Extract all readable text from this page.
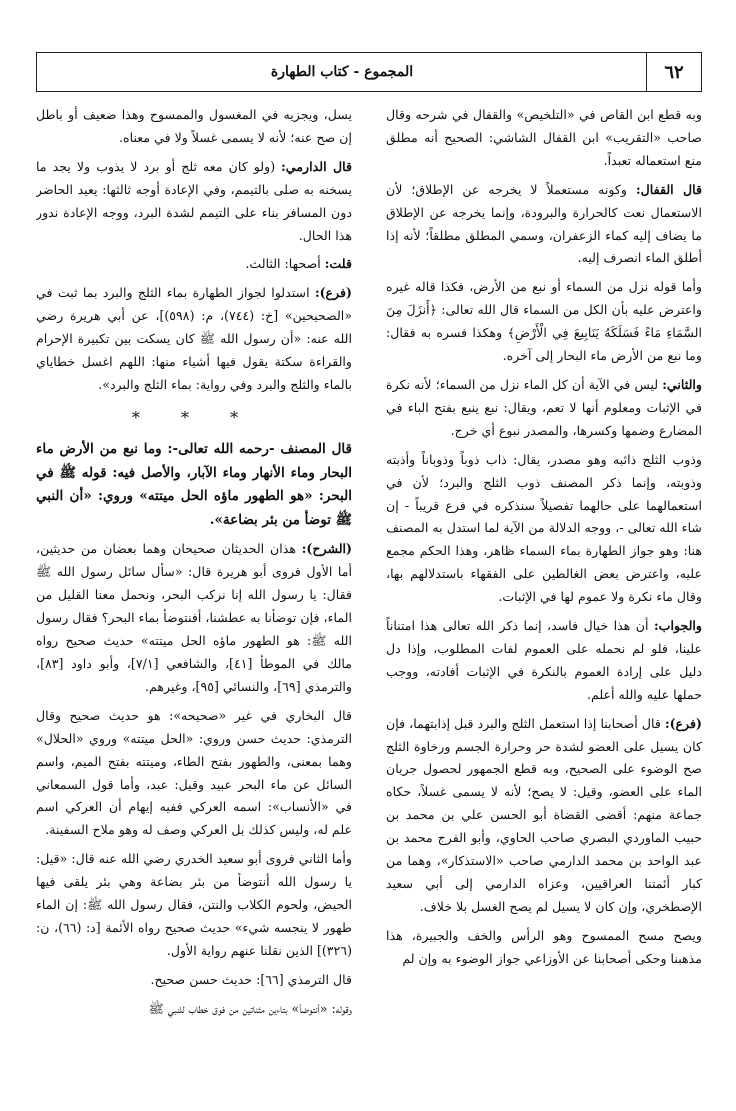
٦٢
المجموع - كتاب الطهارة

وبه قطع ابن القاص في «التلخيص» والقفال في شرحه وقال صاحب «التقريب» ابن القفال الشاشي: الصحيح أنه مطلق منع استعماله تعبداً.

قال القفال: وكونه مستعملاً لا يخرجه عن الإطلاق؛ لأن الاستعمال نعت كالحرارة والبرودة، وإنما يخرجه عن الإطلاق ما يضاف إليه كماء الزعفران، وسمي المطلق مطلقاً؛ لأنه إذا أطلق الماء انصرف إليه.

وأما قوله نزل من السماء أو نبع من الأرض، فكذا قاله غيره واعترض عليه بأن الكل من السماء قال الله تعالى: ﴿أَنزَلَ مِنَ السَّمَاءِ مَاءً فَسَلَكَهُ يَنَابِيعَ فِي الْأَرْضِ﴾ وهكذا فسره به فقال: وما نبع من الأرض ماء البحار إلى آخره.

والثاني: ليس في الآية أن كل الماء نزل من السماء؛ لأنه نكرة في الإثبات ومعلوم أنها لا تعم، ويقال: نبع ينبع بفتح الباء في المضارع وضمها وكسرها، والمصدر نبوع أي خرج.

وذوب الثلج ذائبه وهو مصدر، يقال: ذاب ذوباً وذوباناً وأذبته وذوبته، وإنما ذكر المصنف ذوب الثلج والبرد؛ لأن في استعمالهما على حالهما تفصيلاً سنذكره في فرع قريباً - إن شاء الله تعالى -، ووجه الدلالة من الآية لما استدل به المصنف هنا: وهو جواز الطهارة بماء السماء ظاهر، وهذا الحكم مجمع عليه، واعترض بعض الغالطين على الفقهاء باستدلالهم بها، وقال ماء نكرة ولا عموم لها في الإثبات.

والجواب: أن هذا خيال فاسد، إنما ذكر الله تعالى هذا امتناناً علينا، فلو لم نحمله على العموم لفات المطلوب، وإذا دل دليل على إرادة العموم بالنكرة في الإثبات أفادته، ووجب حملها عليه والله أعلم.

(فرع): قال أصحابنا إذا استعمل الثلج والبرد قبل إذابتهما، فإن كان يسيل على العضو لشدة حر وحرارة الجسم ورخاوة الثلج صح الوضوء على الصحيح، وبه قطع الجمهور لحصول جريان الماء على العضو، وقيل: لا يصح؛ لأنه لا يسمى غسلاً، حكاه جماعة منهم: أقضى القضاة أبو الحسن علي بن محمد بن حبيب الماوردي البصري صاحب الحاوي، وأبو الفرج محمد بن عبد الواحد بن محمد الدارمي صاحب «الاستذكار»، وهما من كبار أئمتنا العراقيين، وعزاه الدارمي إلى أبي سعيد الإصطخري، وإن كان لا يسيل لم يصح الغسل بلا خلاف.

ويصح مسح الممسوح وهو الرأس والخف والجبيرة، هذا مذهبنا وحكى أصحابنا عن الأوزاعي جواز الوضوء به وإن لم

يسل، ويجزيه في المغسول والممسوح وهذا ضعيف أو باطل إن صح عنه؛ لأنه لا يسمى غسلاً ولا في معناه.

قال الدارمي: (ولو كان معه ثلج أو برد لا يذوب ولا يجد ما يسخنه به صلى بالتيمم، وفي الإعادة أوجه ثالثها: يعيد الحاضر دون المسافر بناء على التيمم لشدة البرد، ووجه الإعادة ندور هذا الحال.

قلت: أصحها: الثالث.

(فرع): استدلوا لجواز الطهارة بماء الثلج والبرد بما ثبت في «الصحيحين» [خ: (٧٤٤)، م: (٥٩٨)]، عن أبي هريرة رضي الله عنه: «أن رسول الله ﷺ كان يسكت بين تكبيرة الإحرام والقراءة سكتة يقول فيها أشياء منها: اللهم اغسل خطاياي بالماء والثلج والبرد وفي رواية: بماء الثلج والبرد».

* * *

قال المصنف -رحمه الله تعالى-: وما نبع من الأرض ماء البحار وماء الأنهار وماء الآبار، والأصل فيه: قوله ﷺ في البحر: «هو الطهور ماؤه الحل ميتته» وروي: «أن النبي ﷺ توضأ من بئر بضاعة».

(الشرح): هذان الحديثان صحيحان وهما بعضان من حديثين، أما الأول فروى أبو هريرة قال: «سأل سائل رسول الله ﷺ فقال: يا رسول الله إنا نركب البحر، ونحمل معنا القليل من الماء، فإن توضأنا به عطشنا، أفنتوضأ بماء البحر؟ فقال رسول الله ﷺ: هو الطهور ماؤه الحل ميتته» حديث صحيح رواه مالك في الموطأ [٤١]، والشافعي [٧/١]، وأبو داود [٨٣]، والترمذي [٦٩]، والنسائي [٩٥]، وغيرهم.

قال البخاري في غير «صحيحه»: هو حديث صحيح وقال الترمذي: حديث حسن وروي: «الحل ميتته» وروي «الحلال» وهما بمعنى، والطهور بفتح الطاء، وميتته بفتح الميم، واسم السائل عن ماء البحر عبيد وقيل: عبد، وأما قول السمعاني في «الأنساب»: اسمه العركي ففيه إيهام أن العركي اسم علم له، وليس كذلك بل العركي وصف له وهو ملاح السفينة.

وأما الثاني فروى أبو سعيد الخدري رضي الله عنه قال: «قيل: يا رسول الله أنتوضأ من بئر بضاعة وهي بئر يلقى فيها الحيض، ولحوم الكلاب والنتن، فقال رسول الله ﷺ: إن الماء طهور لا ينجسه شيء» حديث صحيح رواه الأئمة [د: (٦٦)، ن: (٣٢٦)] الذين نقلنا عنهم رواية الأول.

قال الترمذي [٦٦]: حديث حسن صحيح.

وقوله: «أنتوضأ» بتاءين مثناتين من فوق خطاب للنبي ﷺ
